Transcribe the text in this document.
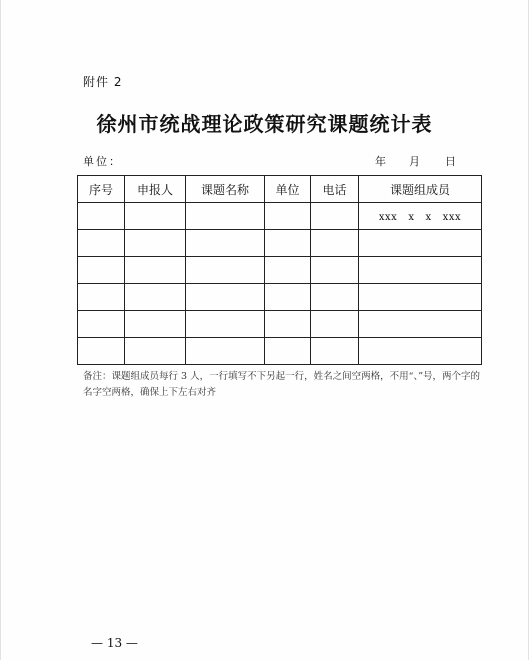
附件 2
徐州市统战理论政策研究课题统计表
单位：	年 月 日
序号	申报人	课题名称	单位	电话	课题组成员
					xxx   x   x   xxx

备注：课题组成员每行 3 人，一行填写不下另起一行，姓名之间空两格，不用“、”号，两个字的名字空两格，确保上下左右对齐
— 13 —
